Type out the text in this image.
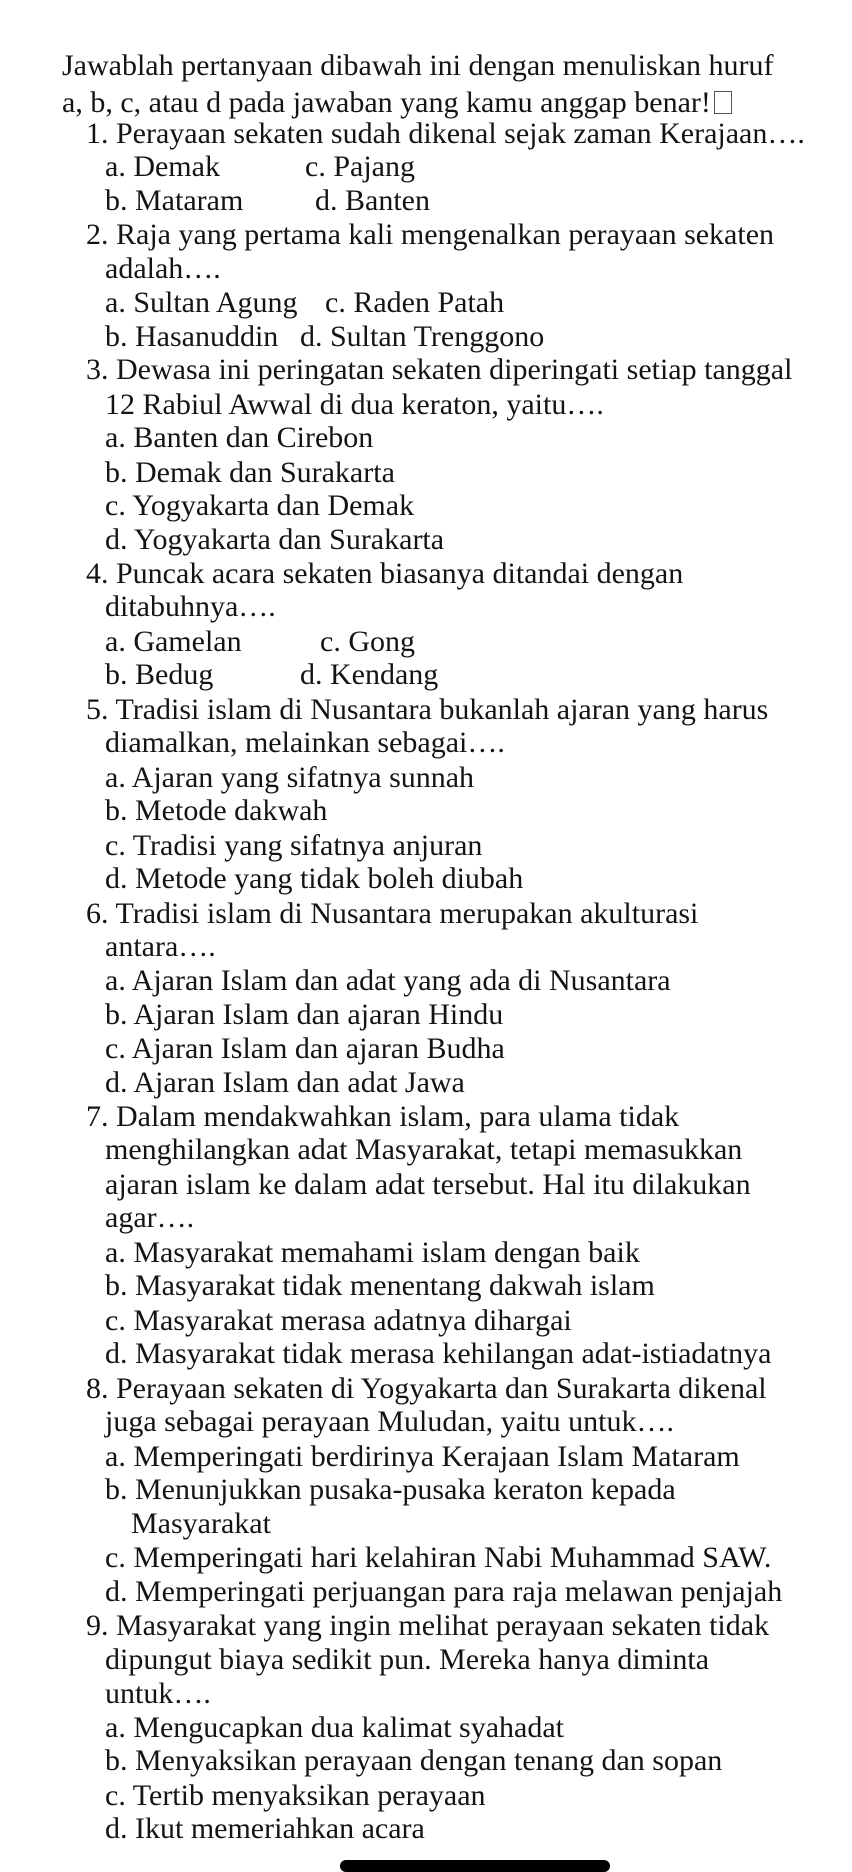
Jawablah pertanyaan dibawah ini dengan menuliskan huruf
a, b, c, atau d pada jawaban yang kamu anggap benar!
1. Perayaan sekaten sudah dikenal sejak zaman Kerajaan….
a. Demak	c. Pajang
b. Mataram d. Banten
2. Raja yang pertama kali mengenalkan perayaan sekaten
adalah….
a. Sultan Agung c. Raden Patah
b. Hasanuddin d. Sultan Trenggono
3. Dewasa ini peringatan sekaten diperingati setiap tanggal
12 Rabiul Awwal di dua keraton, yaitu….
a. Banten dan Cirebon
b. Demak dan Surakarta
c. Yogyakarta dan Demak
d. Yogyakarta dan Surakarta
4. Puncak acara sekaten biasanya ditandai dengan
ditabuhnya….
a. Gamelan	c. Gong
b. Bedug	d. Kendang
5. Tradisi islam di Nusantara bukanlah ajaran yang harus
diamalkan, melainkan sebagai….
a. Ajaran yang sifatnya sunnah
b. Metode dakwah
c. Tradisi yang sifatnya anjuran
d. Metode yang tidak boleh diubah
6. Tradisi islam di Nusantara merupakan akulturasi
antara….
a. Ajaran Islam dan adat yang ada di Nusantara
b. Ajaran Islam dan ajaran Hindu
c. Ajaran Islam dan ajaran Budha
d. Ajaran Islam dan adat Jawa
7. Dalam mendakwahkan islam, para ulama tidak
menghilangkan adat Masyarakat, tetapi memasukkan
ajaran islam ke dalam adat tersebut. Hal itu dilakukan
agar….
a. Masyarakat memahami islam dengan baik
b. Masyarakat tidak menentang dakwah islam
c. Masyarakat merasa adatnya dihargai
d. Masyarakat tidak merasa kehilangan adat-istiadatnya
8. Perayaan sekaten di Yogyakarta dan Surakarta dikenal
juga sebagai perayaan Muludan, yaitu untuk….
a. Memperingati berdirinya Kerajaan Islam Mataram
b. Menunjukkan pusaka-pusaka keraton kepada
Masyarakat
c. Memperingati hari kelahiran Nabi Muhammad SAW.
d. Memperingati perjuangan para raja melawan penjajah
9. Masyarakat yang ingin melihat perayaan sekaten tidak
dipungut biaya sedikit pun. Mereka hanya diminta
untuk….
a. Mengucapkan dua kalimat syahadat
b. Menyaksikan perayaan dengan tenang dan sopan
c. Tertib menyaksikan perayaan
d. Ikut memeriahkan acara
